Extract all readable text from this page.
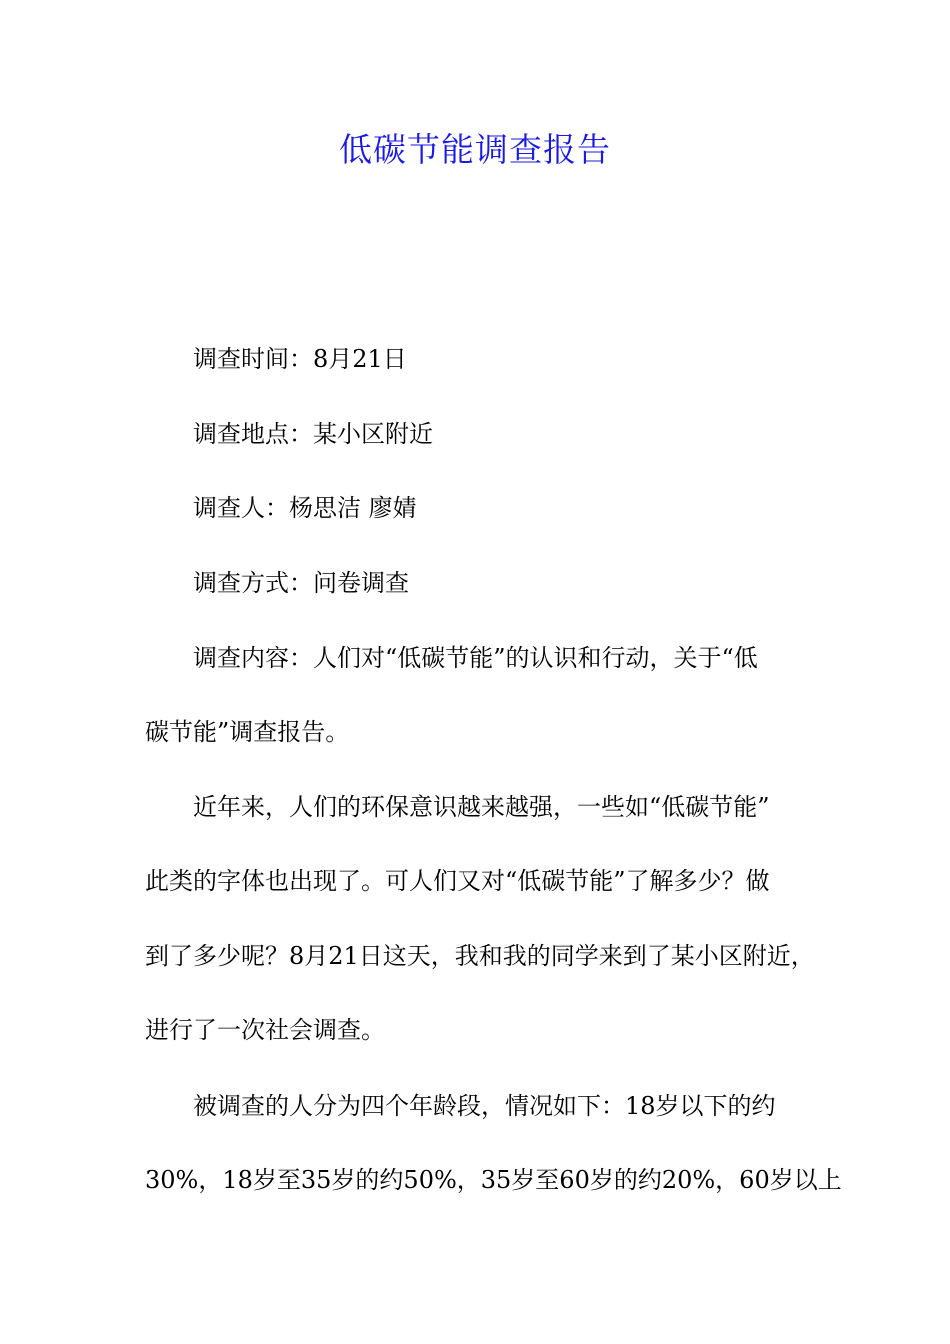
低碳节能调查报告
调查时间：8月21日
调查地点：某小区附近
调查人：杨思洁 廖婧
调查方式：问卷调查
调查内容：人们对“低碳节能”的认识和行动，关于“低
碳节能”调查报告。
近年来，人们的环保意识越来越强，一些如“低碳节能”
此类的字体也出现了。可人们又对“低碳节能”了解多少？做
到了多少呢？8月21日这天，我和我的同学来到了某小区附近，
进行了一次社会调查。
被调查的人分为四个年龄段，情况如下：18岁以下的约
30%，18岁至35岁的约50%，35岁至60岁的约20%，60岁以上
